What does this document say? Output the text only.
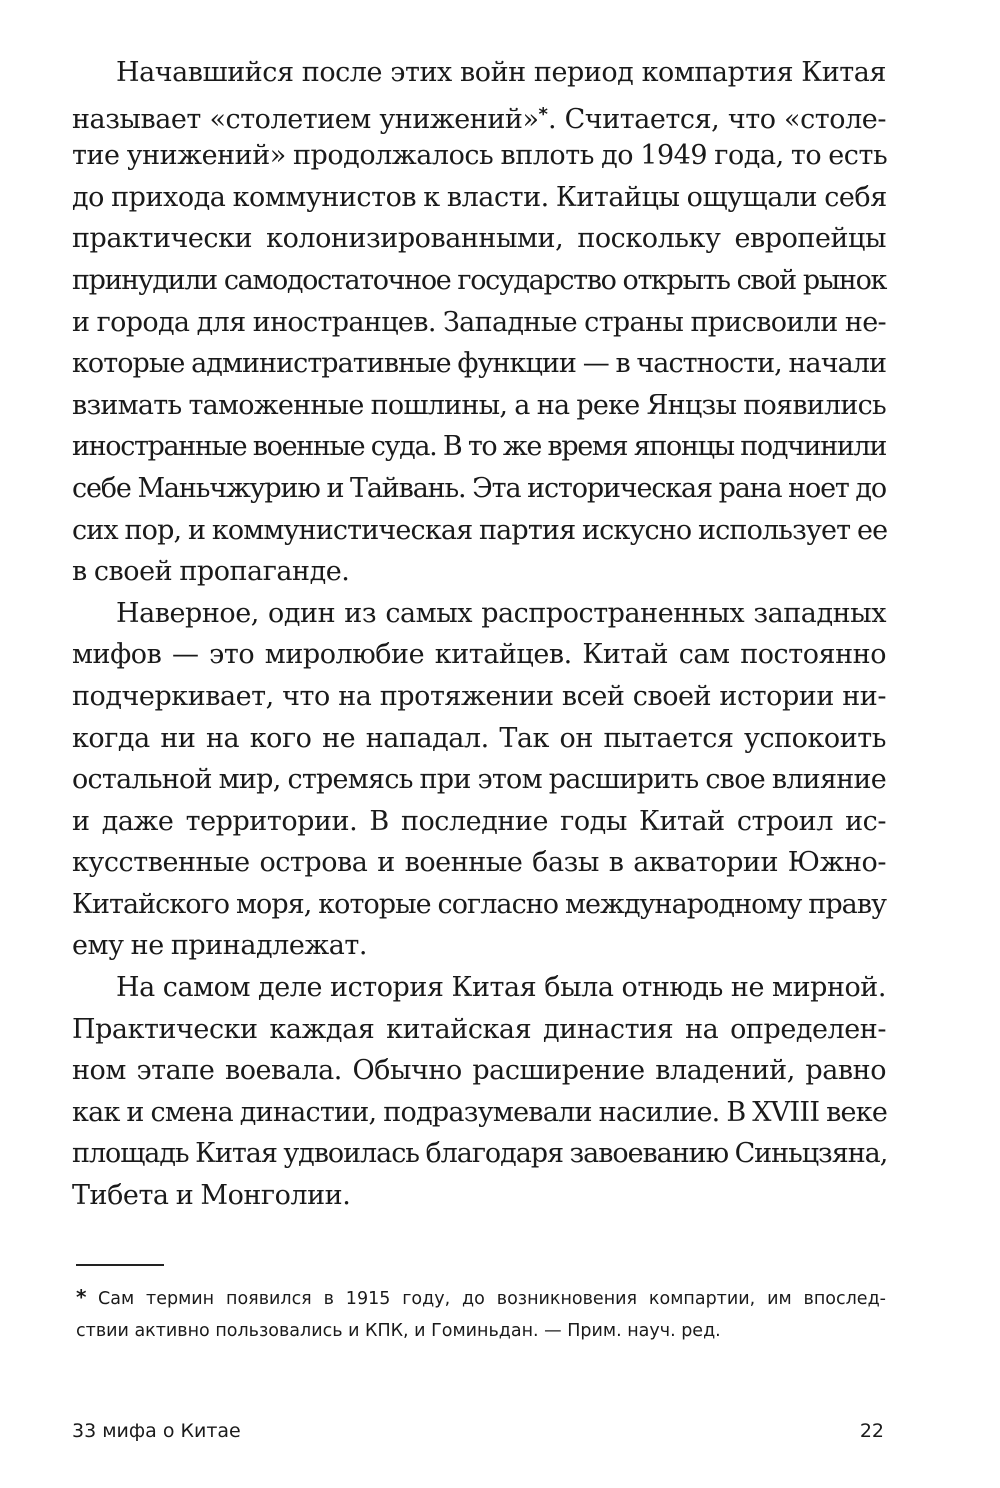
Начавшийся после этих войн период компартия Китая
называет «столетием унижений»*. Считается, что «столе-
тие унижений» продолжалось вплоть до 1949 года, то есть
до прихода коммунистов к власти. Китайцы ощущали себя
практически колонизированными, поскольку европейцы
принудили самодостаточное государство открыть свой рынок
и города для иностранцев. Западные страны присвоили не-
которые административные функции — в частности, начали
взимать таможенные пошлины, а на реке Янцзы появились
иностранные военные суда. В то же время японцы подчинили
себе Маньчжурию и Тайвань. Эта историческая рана ноет до
сих пор, и коммунистическая партия искусно использует ее
в своей пропаганде.
Наверное, один из самых распространенных западных
мифов — это миролюбие китайцев. Китай сам постоянно
подчеркивает, что на протяжении всей своей истории ни-
когда ни на кого не нападал. Так он пытается успокоить
остальной мир, стремясь при этом расширить свое влияние
и даже территории. В последние годы Китай строил ис-
кусственные острова и военные базы в акватории Южно-
Китайского моря, которые согласно международному праву
ему не принадлежат.
На самом деле история Китая была отнюдь не мирной.
Практически каждая китайская династия на определен-
ном этапе воевала. Обычно расширение владений, равно
как и смена династии, подразумевали насилие. В XVIII веке
площадь Китая удвоилась благодаря завоеванию Синьцзяна,
Тибета и Монголии.
* Сам термин появился в 1915 году, до возникновения компартии, им впослед-
ствии активно пользовались и КПК, и Гоминьдан. — Прим. науч. ред.
33 мифа о Китае	22
